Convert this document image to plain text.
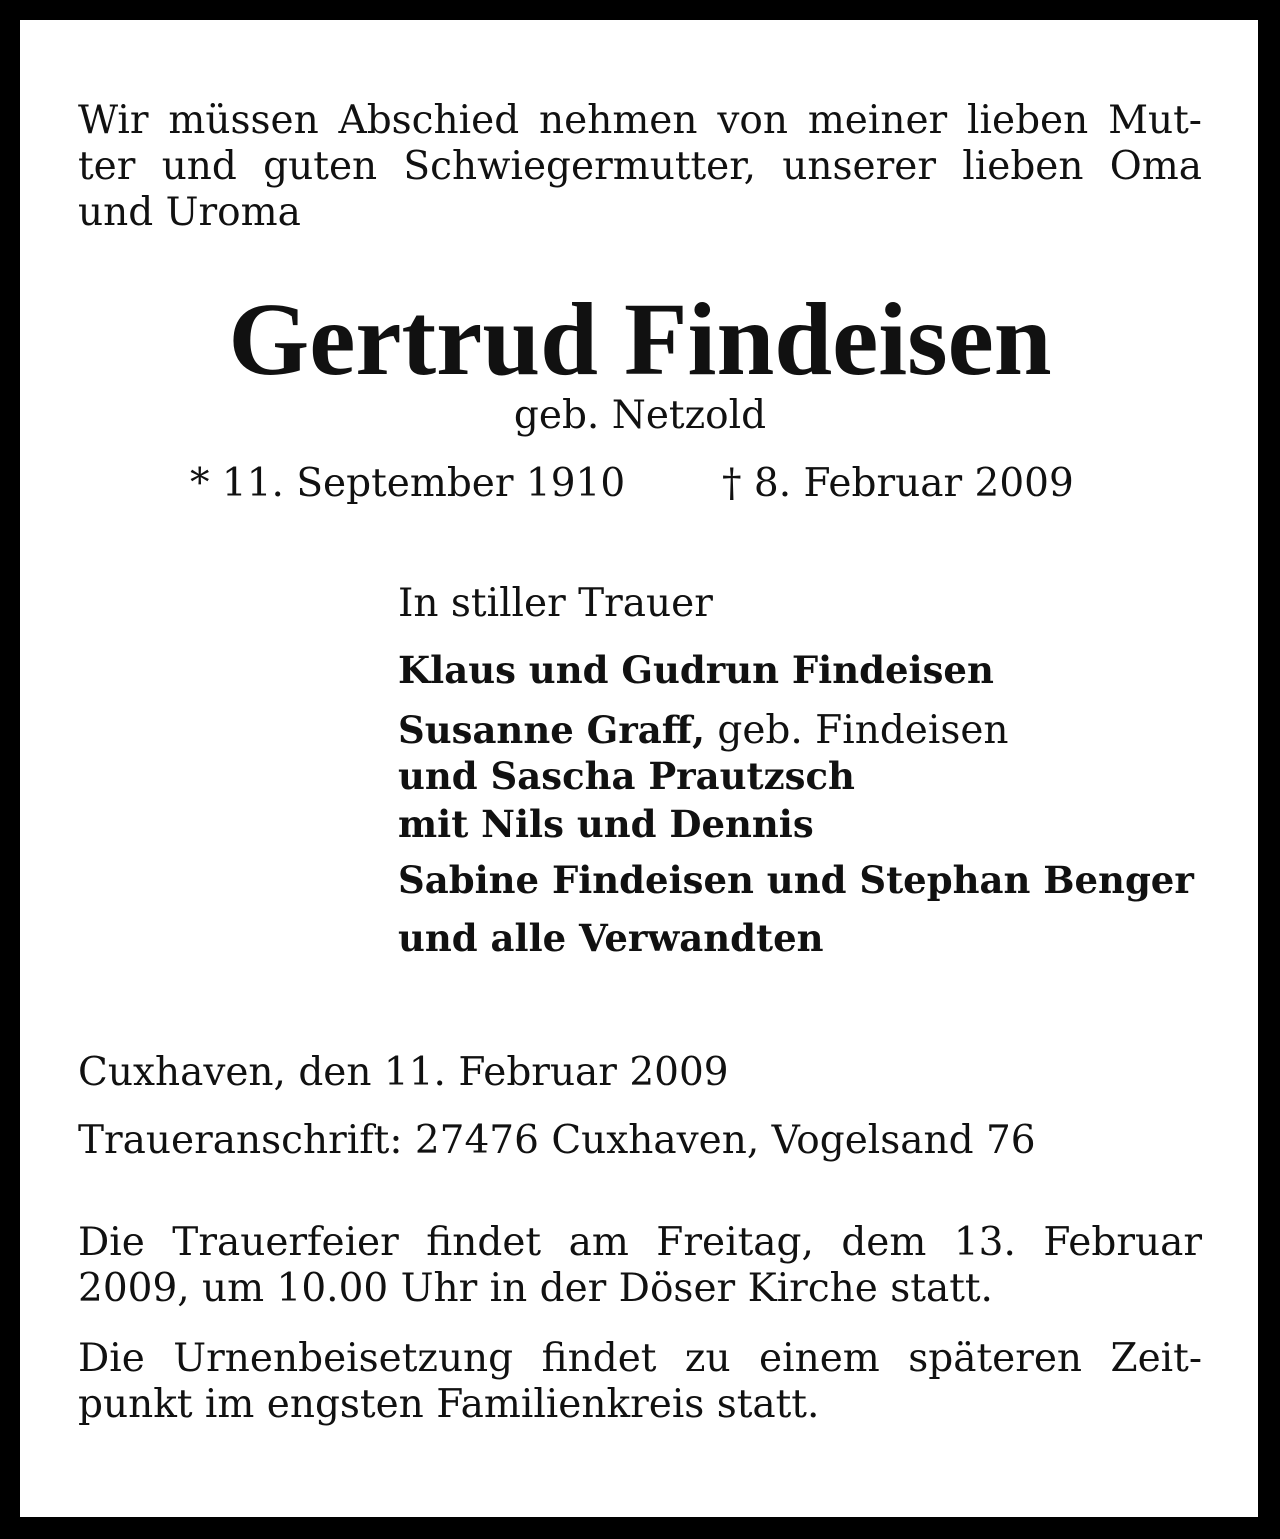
Wir müssen Abschied nehmen von meiner lieben Mut-
ter und guten Schwiegermutter, unserer lieben Oma
und Uroma
Gertrud Findeisen
geb. Netzold
* 11. September 1910 † 8. Februar 2009
In stiller Trauer
Klaus und Gudrun Findeisen
Susanne Graff, geb. Findeisen
und Sascha Prautzsch
mit Nils und Dennis
Sabine Findeisen und Stephan Benger
und alle Verwandten
Cuxhaven, den 11. Februar 2009
Traueranschrift: 27476 Cuxhaven, Vogelsand 76
Die Trauerfeier findet am Freitag, dem 13. Februar
2009, um 10.00 Uhr in der Döser Kirche statt.
Die Urnenbeisetzung findet zu einem späteren Zeit-
punkt im engsten Familienkreis statt.
